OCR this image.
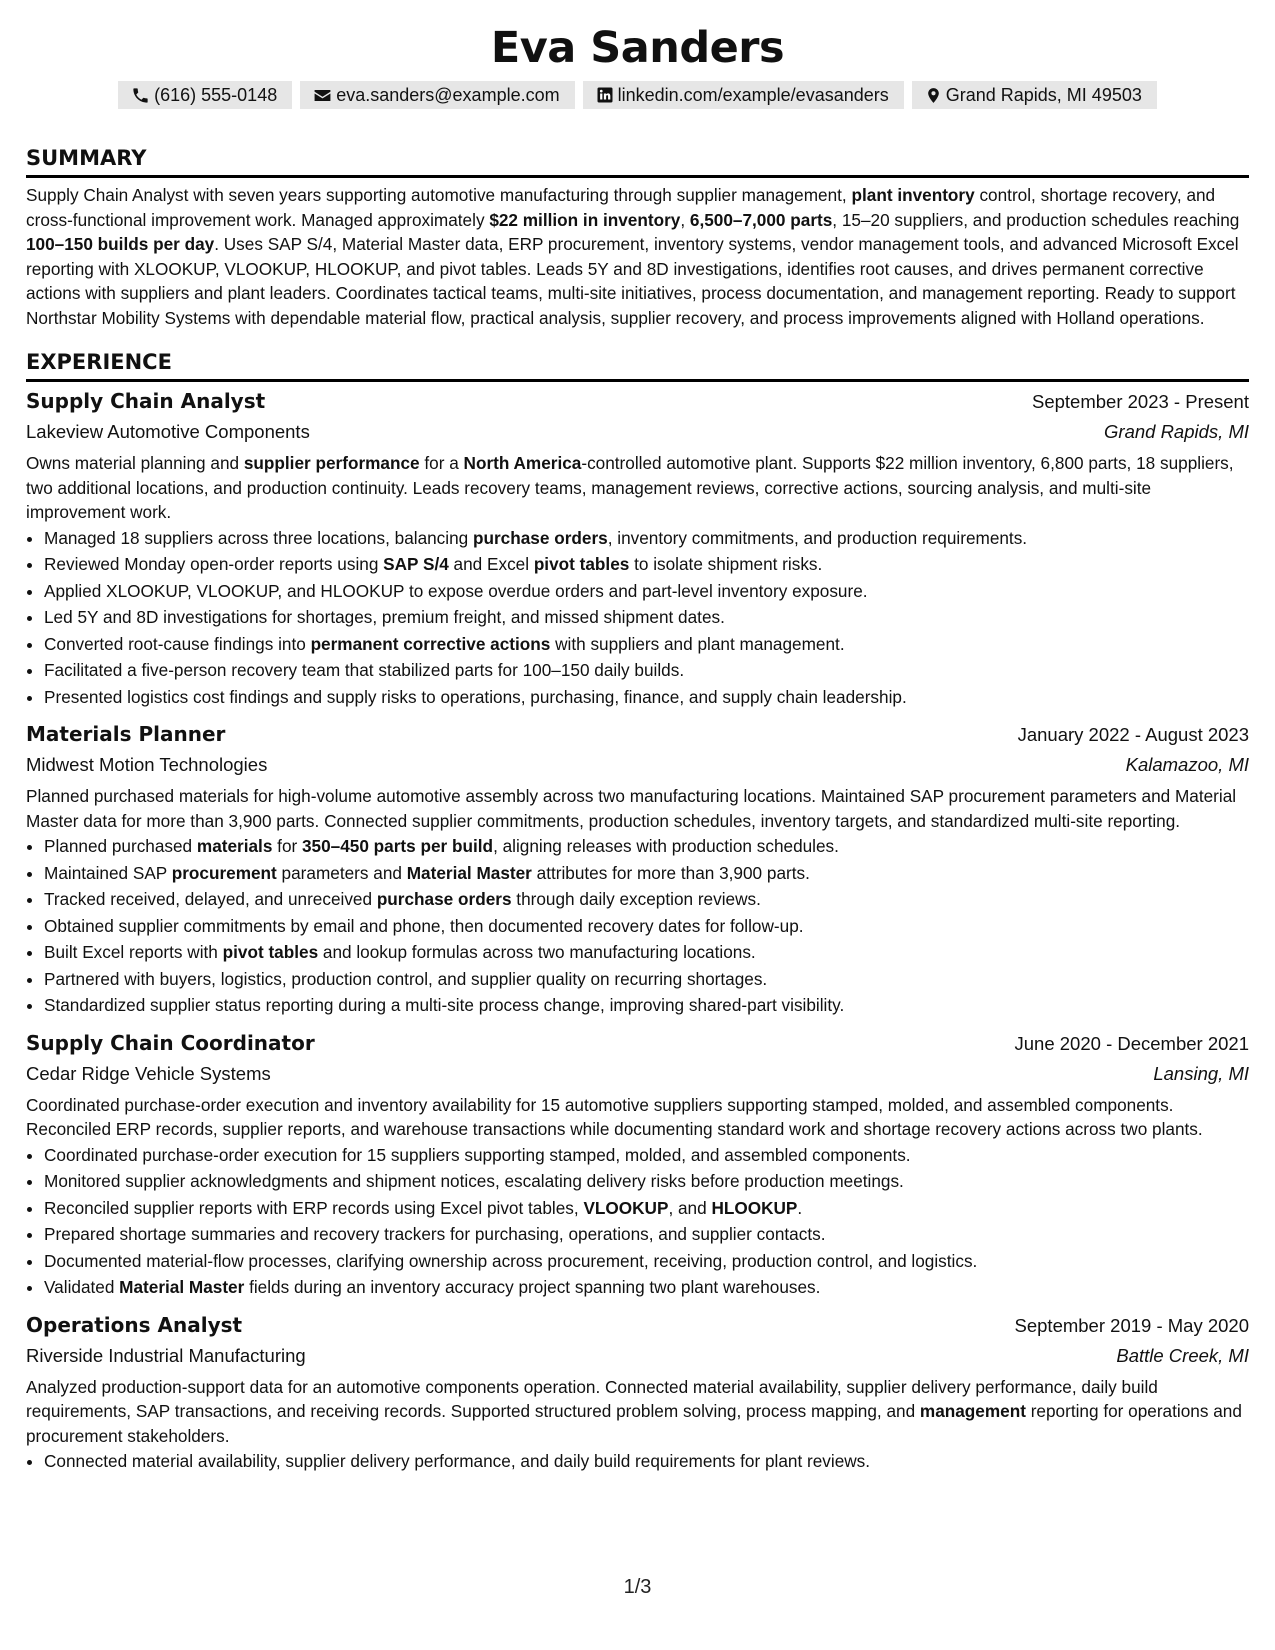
Eva Sanders
(616) 555-0148	eva.sanders@example.com	linkedin.com/example/evasanders	Grand Rapids, MI 49503
SUMMARY

Supply Chain Analyst with seven years supporting automotive manufacturing through supplier management, plant inventory control, shortage recovery, and cross-functional improvement work. Managed approximately $22 million in inventory, 6,500–7,000 parts, 15–20 suppliers, and production schedules reaching 100–150 builds per day. Uses SAP S/4, Material Master data, ERP procurement, inventory systems, vendor management tools, and advanced Microsoft Excel reporting with XLOOKUP, VLOOKUP, HLOOKUP, and pivot tables. Leads 5Y and 8D investigations, identifies root causes, and drives permanent corrective actions with suppliers and plant leaders. Coordinates tactical teams, multi-site initiatives, process documentation, and management reporting. Ready to support Northstar Mobility Systems with dependable material flow, practical analysis, supplier recovery, and process improvements aligned with Holland operations.

EXPERIENCE
Supply Chain Analyst	September 2023 - Present
Lakeview Automotive Components	Grand Rapids, MI

Owns material planning and supplier performance for a North America-controlled automotive plant. Supports $22 million inventory, 6,800 parts, 18 suppliers, two additional locations, and production continuity. Leads recovery teams, management reviews, corrective actions, sourcing analysis, and multi-site improvement work.

• Managed 18 suppliers across three locations, balancing purchase orders, inventory commitments, and production requirements.
• Reviewed Monday open-order reports using SAP S/4 and Excel pivot tables to isolate shipment risks.
• Applied XLOOKUP, VLOOKUP, and HLOOKUP to expose overdue orders and part-level inventory exposure.
• Led 5Y and 8D investigations for shortages, premium freight, and missed shipment dates.
• Converted root-cause findings into permanent corrective actions with suppliers and plant management.
• Facilitated a five-person recovery team that stabilized parts for 100–150 daily builds.
• Presented logistics cost findings and supply risks to operations, purchasing, finance, and supply chain leadership.
Materials Planner	January 2022 - August 2023
Midwest Motion Technologies	Kalamazoo, MI

Planned purchased materials for high-volume automotive assembly across two manufacturing locations. Maintained SAP procurement parameters and Material Master data for more than 3,900 parts. Connected supplier commitments, production schedules, inventory targets, and standardized multi-site reporting.

• Planned purchased materials for 350–450 parts per build, aligning releases with production schedules.
• Maintained SAP procurement parameters and Material Master attributes for more than 3,900 parts.
• Tracked received, delayed, and unreceived purchase orders through daily exception reviews.
• Obtained supplier commitments by email and phone, then documented recovery dates for follow-up.
• Built Excel reports with pivot tables and lookup formulas across two manufacturing locations.
• Partnered with buyers, logistics, production control, and supplier quality on recurring shortages.
• Standardized supplier status reporting during a multi-site process change, improving shared-part visibility.
Supply Chain Coordinator	June 2020 - December 2021
Cedar Ridge Vehicle Systems	Lansing, MI

Coordinated purchase-order execution and inventory availability for 15 automotive suppliers supporting stamped, molded, and assembled components. Reconciled ERP records, supplier reports, and warehouse transactions while documenting standard work and shortage recovery actions across two plants.

• Coordinated purchase-order execution for 15 suppliers supporting stamped, molded, and assembled components.
• Monitored supplier acknowledgments and shipment notices, escalating delivery risks before production meetings.
• Reconciled supplier reports with ERP records using Excel pivot tables, VLOOKUP, and HLOOKUP.
• Prepared shortage summaries and recovery trackers for purchasing, operations, and supplier contacts.
• Documented material-flow processes, clarifying ownership across procurement, receiving, production control, and logistics.
• Validated Material Master fields during an inventory accuracy project spanning two plant warehouses.
Operations Analyst	September 2019 - May 2020
Riverside Industrial Manufacturing	Battle Creek, MI

Analyzed production-support data for an automotive components operation. Connected material availability, supplier delivery performance, daily build requirements, SAP transactions, and receiving records. Supported structured problem solving, process mapping, and management reporting for operations and procurement stakeholders.

• Connected material availability, supplier delivery performance, and daily build requirements for plant reviews.
1/3
